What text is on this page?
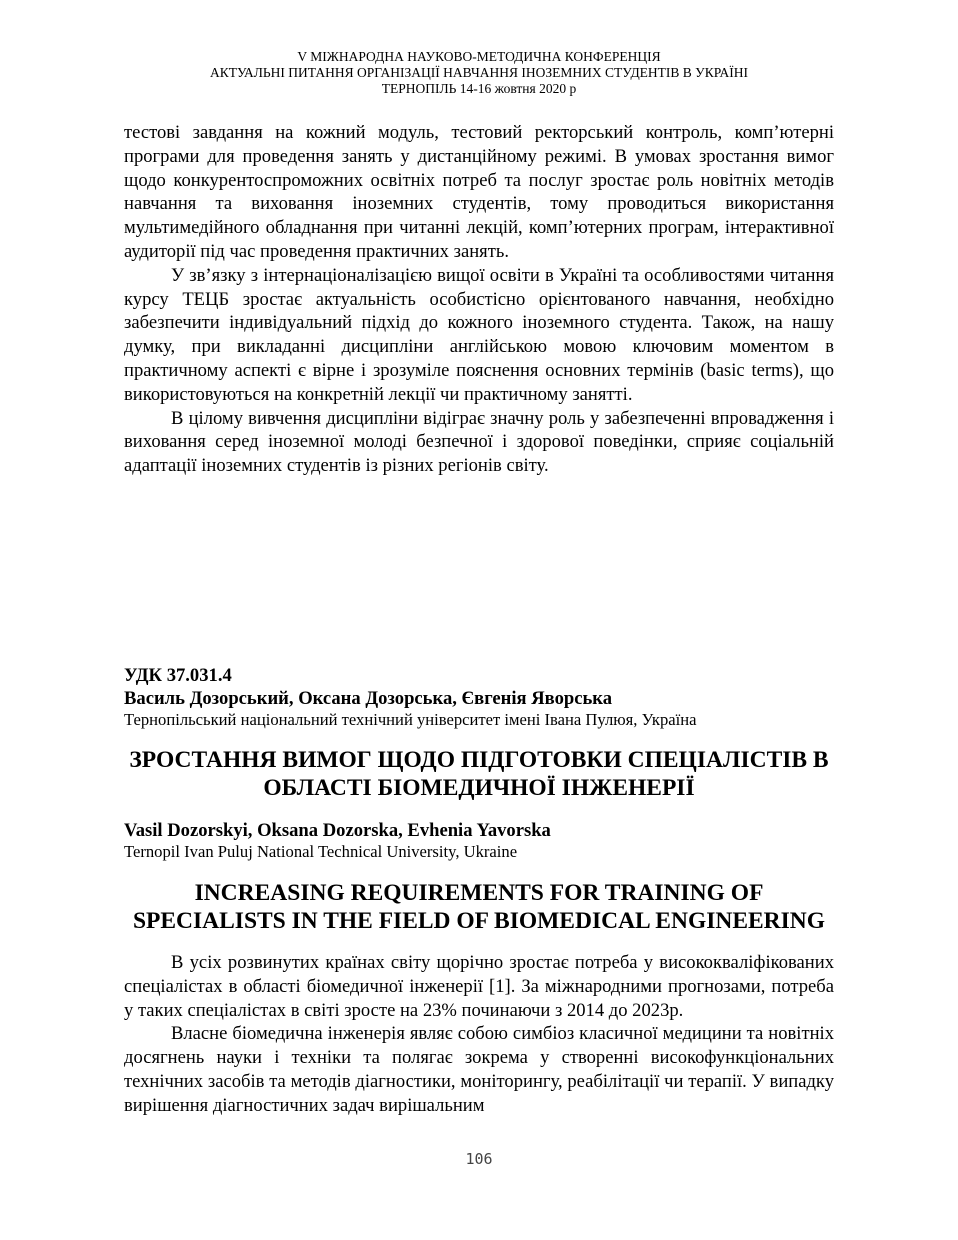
V МІЖНАРОДНА НАУКОВО-МЕТОДИЧНА КОНФЕРЕНЦІЯ
АКТУАЛЬНІ ПИТАННЯ ОРГАНІЗАЦІЇ НАВЧАННЯ ІНОЗЕМНИХ СТУДЕНТІВ В УКРАЇНІ
ТЕРНОПІЛЬ 14-16 жовтня 2020 р

тестові завдання на кожний модуль, тестовий ректорський контроль, комп’ютерні програми для проведення занять у дистанційному режимі. В умовах зростання вимог щодо конкурентоспроможних освітніх потреб та послуг зростає роль новітніх методів навчання та виховання іноземних студентів, тому проводиться використання мультимедійного обладнання при читанні лекцій, комп’ютерних програм, інтерактивної аудиторії під час проведення практичних занять.

У зв’язку з інтернаціоналізацією вищої освіти в Україні та особливостями читання курсу ТЕЦБ зростає актуальність особистісно орієнтованого навчання, необхідно забезпечити індивідуальний підхід до кожного іноземного студента. Також, на нашу думку, при викладанні дисципліни англійською мовою ключовим моментом в практичному аспекті є вірне і зрозуміле пояснення основних термінів (basic terms), що використовуються на конкретній лекції чи практичному занятті.

В цілому вивчення дисципліни відіграє значну роль у забезпеченні впровадження і виховання серед іноземної молоді безпечної і здорової поведінки, сприяє соціальній адаптації іноземних студентів із різних регіонів світу.

УДК 37.031.4

Василь Дозорський, Оксана Дозорська, Євгенія Яворська

Тернопільський національний технічний університет імені Івана Пулюя, Україна

ЗРОСТАННЯ ВИМОГ ЩОДО ПІДГОТОВКИ СПЕЦІАЛІСТІВ В

ОБЛАСТІ БІОМЕДИЧНОЇ ІНЖЕНЕРІЇ

Vasil Dozorskyi, Oksana Dozorska, Evhenia Yavorska

Ternopil Ivan Puluj National Technical University, Ukraine

INCREASING REQUIREMENTS FOR TRAINING OF

SPECIALISTS IN THE FIELD OF BIOMEDICAL ENGINEERING

В усіх розвинутих країнах світу щорічно зростає потреба у висококваліфікованих спеціалістах в області біомедичної інженерії [1]. За міжнародними прогнозами, потреба у таких спеціалістах в світі зросте на 23% починаючи з 2014 до 2023р.

Власне біомедична інженерія являє собою симбіоз класичної медицини та новітніх досягнень науки і техніки та полягає зокрема у створенні високофункціональних технічних засобів та методів діагностики, моніторингу, реабілітації чи терапії. У випадку вирішення діагностичних задач вирішальним

106
